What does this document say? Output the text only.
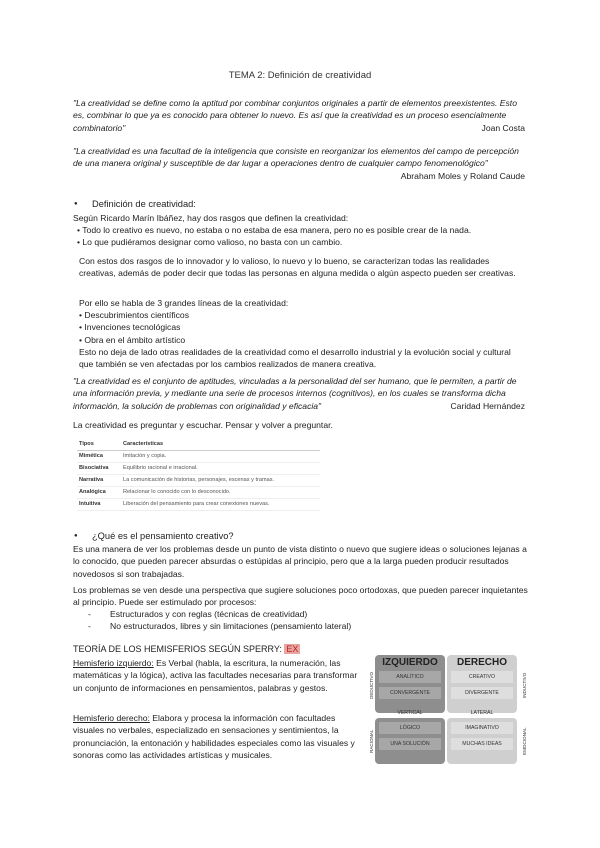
TEMA 2: Definición de creatividad
"La creatividad se define como la aptitud por combinar conjuntos originales a partir de elementos preexistentes. Esto es, combinar lo que ya es conocido para obtener lo nuevo. Es así que la creatividad es un proceso esencialmente combinatorio"	Joan Costa
"La creatividad es una facultad de la inteligencia que consiste en reorganizar los elementos del campo de percepción de una manera original y susceptible de dar lugar a operaciones dentro de cualquier campo fenomenológico"
Abraham Moles y Roland Caude
● Definición de creatividad:
Según Ricardo Marín Ibáñez, hay dos rasgos que definen la creatividad:
• Todo lo creativo es nuevo, no estaba o no estaba de esa manera, pero no es posible crear de la nada.
• Lo que pudiéramos designar como valioso, no basta con un cambio.
Con estos dos rasgos de lo innovador y lo valioso, lo nuevo y lo bueno, se caracterizan todas las realidades creativas, además de poder decir que todas las personas en alguna medida o algún aspecto pueden ser creativas.
Por ello se habla de 3 grandes líneas de la creatividad:
• Descubrimientos científicos
• Invenciones tecnológicas
• Obra en el ámbito artístico
Esto no deja de lado otras realidades de la creatividad como el desarrollo industrial y la evolución social y cultural que también se ven afectadas por los cambios realizados de manera creativa.
"La creatividad es el conjunto de aptitudes, vinculadas a la personalidad del ser humano, que le permiten, a partir de una información previa, y mediante una serie de procesos internos (cognitivos), en los cuales se transforma dicha información, la solución de problemas con originalidad y eficacia"	Caridad Hernández
La creatividad es preguntar y escuchar. Pensar y volver a preguntar.
Tipos	Características
Mimética	Imitación y copia.
Bisociativa	Equilibrio racional e irracional.
Narrativa	La comunicación de historias, personajes, escenas y tramas.
Analógica	Relacionar lo conocido con lo desconocido.
Intuitiva	Liberación del pensamiento para crear conexiones nuevas.
● ¿Qué es el pensamiento creativo?
Es una manera de ver los problemas desde un punto de vista distinto o nuevo que sugiere ideas o soluciones lejanas a lo conocido, que pueden parecer absurdas o estúpidas al principio, pero que a la larga pueden producir resultados novedosos si son trabajadas.
Los problemas se ven desde una perspectiva que sugiere soluciones poco ortodoxas, que pueden parecer inquietantes al principio. Puede ser estimulado por procesos:
- Estructurados y con reglas (técnicas de creatividad)
- No estructurados, libres y sin limitaciones (pensamiento lateral)
TEORÍA DE LOS HEMISFERIOS SEGÚN SPERRY: EX
Hemisferio izquierdo: Es Verbal (habla, la escritura, la numeración, las matemáticas y la lógica), activa las facultades necesarias para transformar un conjunto de informaciones en pensamientos, palabras y gestos.
Hemisferio derecho: Elabora y procesa la información con facultades visuales no verbales, especializado en sensaciones y sentimientos, la pronunciación, la entonación y habilidades especiales como las visuales y sonoras como las actividades artísticas y musicales.
IZQUIERDO	DERECHO
ANALÍTICO
CONVERGENTE
CREATIVO
DIVERGENTE
VERTICAL	LATERAL
LÓGICO
UNA SOLUCIÓN
IMAGINATIVO
MUCHAS IDEAS
DEDUCTIVO	INDUCTIVO
RACIONAL	EMOCIONAL
